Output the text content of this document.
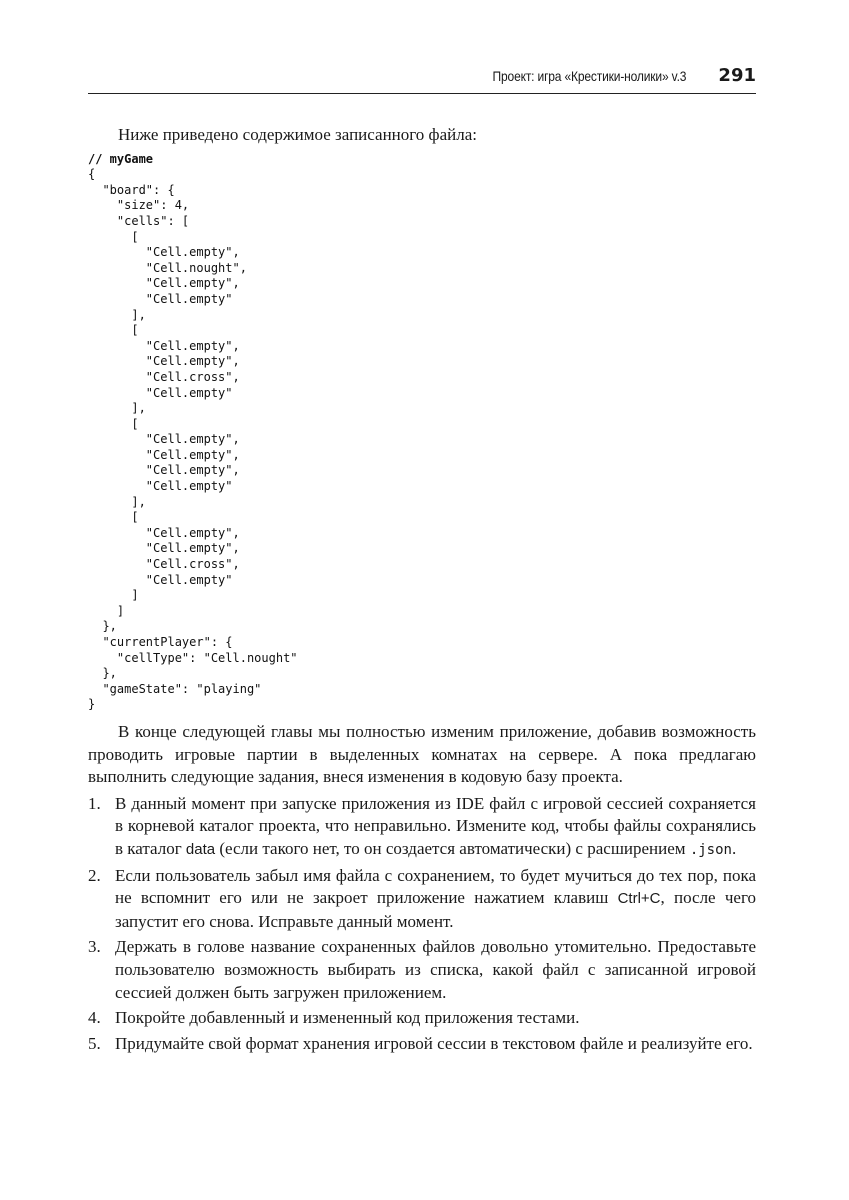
Проект: игра «Крестики-нолики» v.3 291

Ниже приведено содержимое записанного файла:

// myGame
{
"board": {
"size": 4,
"cells": [
[
"Cell.empty",
"Cell.nought",
"Cell.empty",
"Cell.empty"
],
[
"Cell.empty",
"Cell.empty",
"Cell.cross",
"Cell.empty"
],
[
"Cell.empty",
"Cell.empty",
"Cell.empty",
"Cell.empty"
],
[
"Cell.empty",
"Cell.empty",
"Cell.cross",
"Cell.empty"
]
]
},
"currentPlayer": {
"cellType": "Cell.nought"
},
"gameState": "playing"
}

В конце следующей главы мы полностью изменим приложение, добавив возможность проводить игровые партии в выделенных комнатах на сервере. А пока предлагаю выполнить следующие задания, внеся изменения в кодовую базу проекта.

1. В данный момент при запуске приложения из IDE файл с игровой сессией сохраняется в корневой каталог проекта, что неправильно. Измените код, чтобы файлы сохранялись в каталог data (если такого нет, то он создается автоматически) с расширением .json.
2. Если пользователь забыл имя файла с сохранением, то будет мучиться до тех пор, пока не вспомнит его или не закроет приложение нажатием клавиш Ctrl+C, после чего запустит его снова. Исправьте данный момент.
3. Держать в голове название сохраненных файлов довольно утомительно. Предоставьте пользователю возможность выбирать из списка, какой файл с записанной игровой сессией должен быть загружен приложением.
4. Покройте добавленный и измененный код приложения тестами.
5. Придумайте свой формат хранения игровой сессии в текстовом файле и реализуйте его.
